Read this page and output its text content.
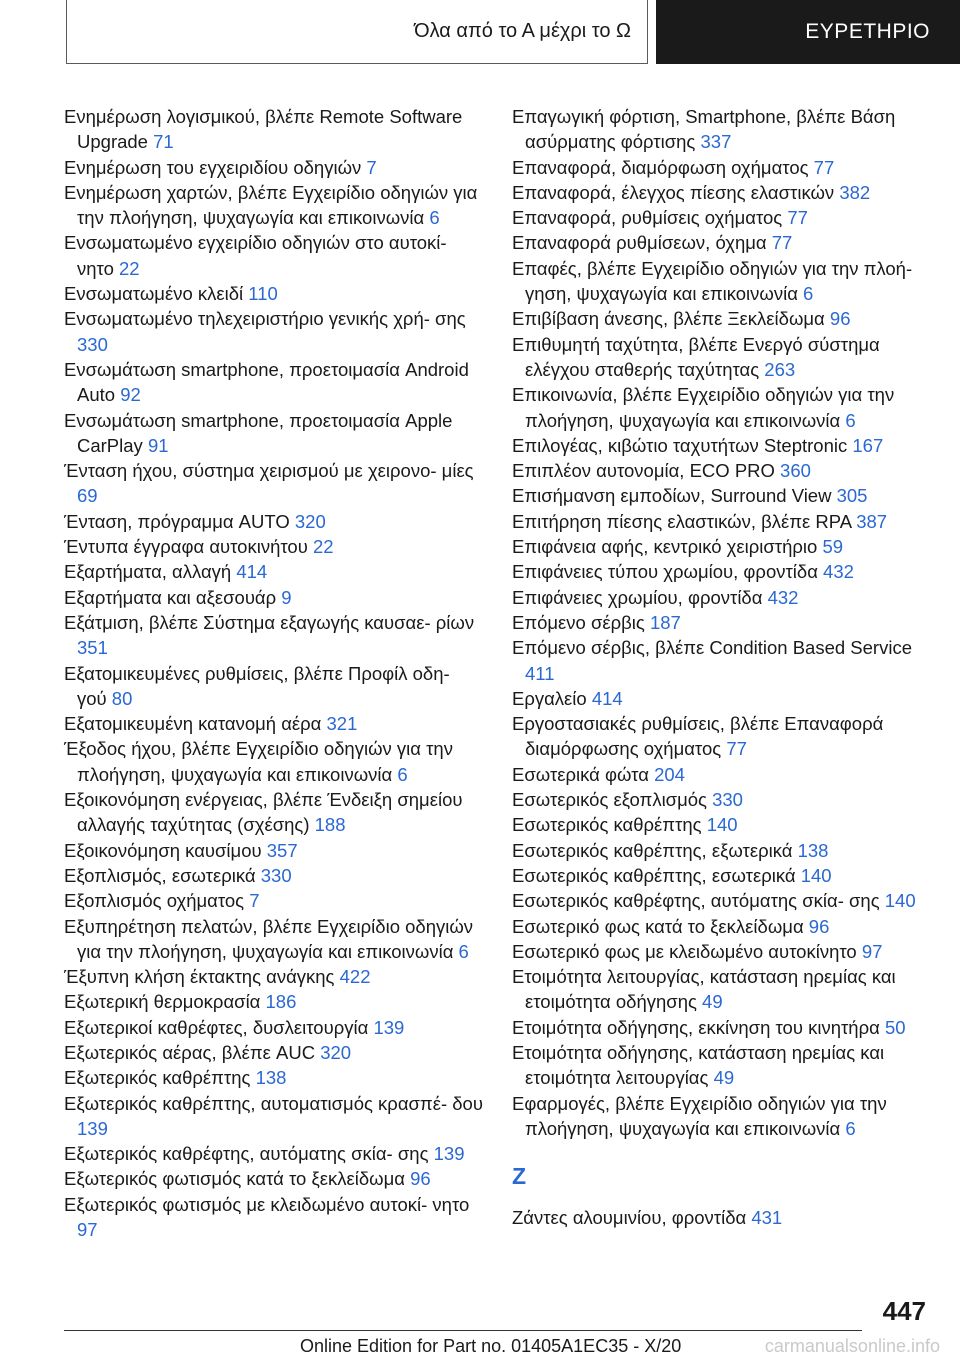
Όλα από το Α μέχρι το Ω	ΕΥΡΕΤΗΡΙΟ
Ενημέρωση λογισμικού, βλέπε Remote Software Upgrade 71
Ενημέρωση του εγχειριδίου οδηγιών 7
Ενημέρωση χαρτών, βλέπε Εγχειρίδιο οδηγιών για την πλοήγηση, ψυχαγωγία και επικοινωνία 6
Ενσωματωμένο εγχειρίδιο οδηγιών στο αυτοκί‐ νητο 22
Ενσωματωμένο κλειδί 110
Ενσωματωμένο τηλεχειριστήριο γενικής χρή‐ σης 330
Ενσωμάτωση smartphone, προετοιμασία Android Auto 92
Ενσωμάτωση smartphone, προετοιμασία Apple CarPlay 91
Ένταση ήχου, σύστημα χειρισμού με χειρονο‐ μίες 69
Ένταση, πρόγραμμα AUTO 320
Έντυπα έγγραφα αυτοκινήτου 22
Εξαρτήματα, αλλαγή 414
Εξαρτήματα και αξεσουάρ 9
Εξάτμιση, βλέπε Σύστημα εξαγωγής καυσαε‐ ρίων 351
Εξατομικευμένες ρυθμίσεις, βλέπε Προφίλ οδη‐ γού 80
Εξατομικευμένη κατανομή αέρα 321
Έξοδος ήχου, βλέπε Εγχειρίδιο οδηγιών για την πλοήγηση, ψυχαγωγία και επικοινωνία 6
Εξοικονόμηση ενέργειας, βλέπε Ένδειξη σημείου αλλαγής ταχύτητας (σχέσης) 188
Εξοικονόμηση καυσίμου 357
Εξοπλισμός, εσωτερικά 330
Εξοπλισμός οχήματος 7
Εξυπηρέτηση πελατών, βλέπε Εγχειρίδιο οδηγιών για την πλοήγηση, ψυχαγωγία και επικοινωνία 6
Έξυπνη κλήση έκτακτης ανάγκης 422
Εξωτερική θερμοκρασία 186
Εξωτερικοί καθρέφτες, δυσλειτουργία 139
Εξωτερικός αέρας, βλέπε AUC 320
Εξωτερικός καθρέπτης 138
Εξωτερικός καθρέπτης, αυτοματισμός κρασπέ‐ δου 139
Εξωτερικός καθρέφτης, αυτόματης σκία‐ σης 139
Εξωτερικός φωτισμός κατά το ξεκλείδωμα 96
Εξωτερικός φωτισμός με κλειδωμένο αυτοκί‐ νητο 97
Επαγωγική φόρτιση, Smartphone, βλέπε Βάση ασύρματης φόρτισης 337
Επαναφορά, διαμόρφωση οχήματος 77
Επαναφορά, έλεγχος πίεσης ελαστικών 382
Επαναφορά, ρυθμίσεις οχήματος 77
Επαναφορά ρυθμίσεων, όχημα 77
Επαφές, βλέπε Εγχειρίδιο οδηγιών για την πλοή‐ γηση, ψυχαγωγία και επικοινωνία 6
Επιβίβαση άνεσης, βλέπε Ξεκλείδωμα 96
Επιθυμητή ταχύτητα, βλέπε Ενεργό σύστημα ελέγχου σταθερής ταχύτητας 263
Επικοινωνία, βλέπε Εγχειρίδιο οδηγιών για την πλοήγηση, ψυχαγωγία και επικοινωνία 6
Επιλογέας, κιβώτιο ταχυτήτων Steptronic 167
Επιπλέον αυτονομία, ECO PRO 360
Επισήμανση εμποδίων, Surround View 305
Επιτήρηση πίεσης ελαστικών, βλέπε RPA 387
Επιφάνεια αφής, κεντρικό χειριστήριο 59
Επιφάνειες τύπου χρωμίου, φροντίδα 432
Επιφάνειες χρωμίου, φροντίδα 432
Επόμενο σέρβις 187
Επόμενο σέρβις, βλέπε Condition Based Service 411
Εργαλείο 414
Εργοστασιακές ρυθμίσεις, βλέπε Επαναφορά διαμόρφωσης οχήματος 77
Εσωτερικά φώτα 204
Εσωτερικός εξοπλισμός 330
Εσωτερικός καθρέπτης 140
Εσωτερικός καθρέπτης, εξωτερικά 138
Εσωτερικός καθρέπτης, εσωτερικά 140
Εσωτερικός καθρέφτης, αυτόματης σκία‐ σης 140
Εσωτερικό φως κατά το ξεκλείδωμα 96
Εσωτερικό φως με κλειδωμένο αυτοκίνητο 97
Ετοιμότητα λειτουργίας, κατάσταση ηρεμίας και ετοιμότητα οδήγησης 49
Ετοιμότητα οδήγησης, εκκίνηση του κινητήρα 50
Ετοιμότητα οδήγησης, κατάσταση ηρεμίας και ετοιμότητα λειτουργίας 49
Εφαρμογές, βλέπε Εγχειρίδιο οδηγιών για την πλοήγηση, ψυχαγωγία και επικοινωνία 6
Z
Ζάντες αλουμινίου, φροντίδα 431
447
Online Edition for Part no. 01405A1EC35 - X/20	carmanualsonline.info
